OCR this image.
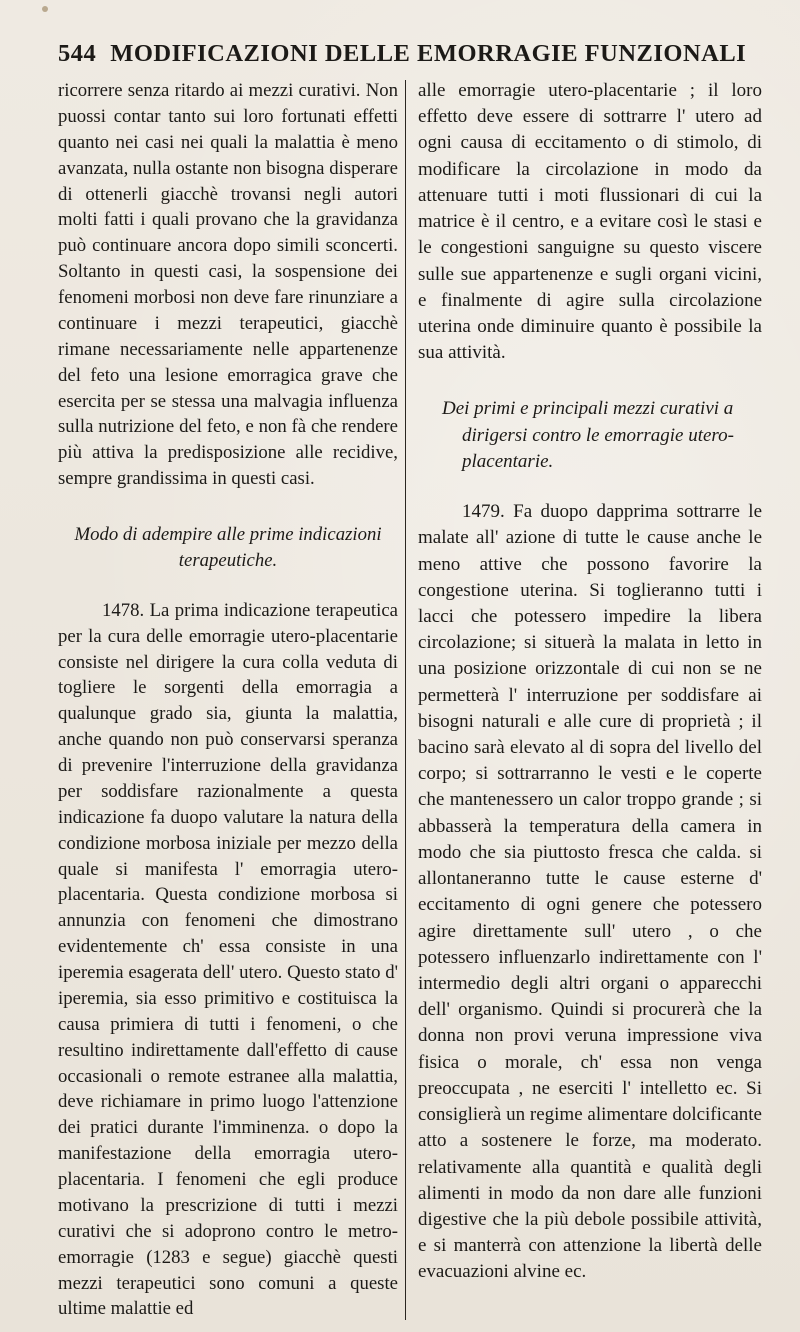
544 MODIFICAZIONI DELLE EMORRAGIE FUNZIONALI

ricorrere senza ritardo ai mezzi curativi. Non puossi contar tanto sui loro fortunati effetti quanto nei casi nei quali la malattia è meno avanzata, nulla ostante non bisogna disperare di ottenerli giacchè trovansi negli autori molti fatti i quali provano che la gravidanza può continuare ancora dopo simili sconcerti. Soltanto in questi casi, la sospensione dei fenomeni morbosi non deve fare rinunziare a continuare i mezzi terapeutici, giacchè rimane necessariamente nelle appartenenze del feto una lesione emorragica grave che esercita per se stessa una malvagia influenza sulla nutrizione del feto, e non fà che rendere più attiva la predisposizione alle recidive, sempre grandissima in questi casi.

Modo di adempire alle prime indicazioni terapeutiche.

1478. La prima indicazione terapeutica per la cura delle emorragie utero-placentarie consiste nel dirigere la cura colla veduta di togliere le sorgenti della emorragia a qualunque grado sia, giunta la malattia, anche quando non può conservarsi speranza di prevenire l'interruzione della gravidanza per soddisfare razionalmente a questa indicazione fa duopo valutare la natura della condizione morbosa iniziale per mezzo della quale si manifesta l' emorragia utero-placentaria. Questa condizione morbosa si annunzia con fenomeni che dimostrano evidentemente ch' essa consiste in una iperemia esagerata dell' utero. Questo stato d' iperemia, sia esso primitivo e costituisca la causa primiera di tutti i fenomeni, o che resultino indirettamente dall'effetto di cause occasionali o remote estranee alla malattia, deve richiamare in primo luogo l'attenzione dei pratici durante l'imminenza. o dopo la manifestazione della emorragia utero-placentaria. I fenomeni che egli produce motivano la prescrizione di tutti i mezzi curativi che si adoprono contro le metro-emorragie (1283 e segue) giacchè questi mezzi terapeutici sono comuni a queste ultime malattie ed

alle emorragie utero-placentarie ; il loro effetto deve essere di sottrarre l' utero ad ogni causa di eccitamento o di stimolo, di modificare la circolazione in modo da attenuare tutti i moti flussionari di cui la matrice è il centro, e a evitare così le stasi e le congestioni sanguigne su questo viscere sulle sue appartenenze e sugli organi vicini, e finalmente di agire sulla circolazione uterina onde diminuire quanto è possibile la sua attività.

Dei primi e principali mezzi curativi a dirigersi contro le emorragie utero-placentarie.

1479. Fa duopo dapprima sottrarre le malate all' azione di tutte le cause anche le meno attive che possono favorire la congestione uterina. Si toglieranno tutti i lacci che potessero impedire la libera circolazione; si situerà la malata in letto in una posizione orizzontale di cui non se ne permetterà l' interruzione per soddisfare ai bisogni naturali e alle cure di proprietà ; il bacino sarà elevato al di sopra del livello del corpo; si sottrarranno le vesti e le coperte che mantenessero un calor troppo grande ; si abbasserà la temperatura della camera in modo che sia piuttosto fresca che calda. si allontaneranno tutte le cause esterne d' eccitamento di ogni genere che potessero agire direttamente sull' utero , o che potessero influenzarlo indirettamente con l' intermedio degli altri organi o apparecchi dell' organismo. Quindi si procurerà che la donna non provi veruna impressione viva fisica o morale, ch' essa non venga preoccupata , ne eserciti l' intelletto ec. Si consiglierà un regime alimentare dolcificante atto a sostenere le forze, ma moderato. relativamente alla quantità e qualità degli alimenti in modo da non dare alle funzioni digestive che la più debole possibile attività, e si manterrà con attenzione la libertà delle evacuazioni alvine ec.
